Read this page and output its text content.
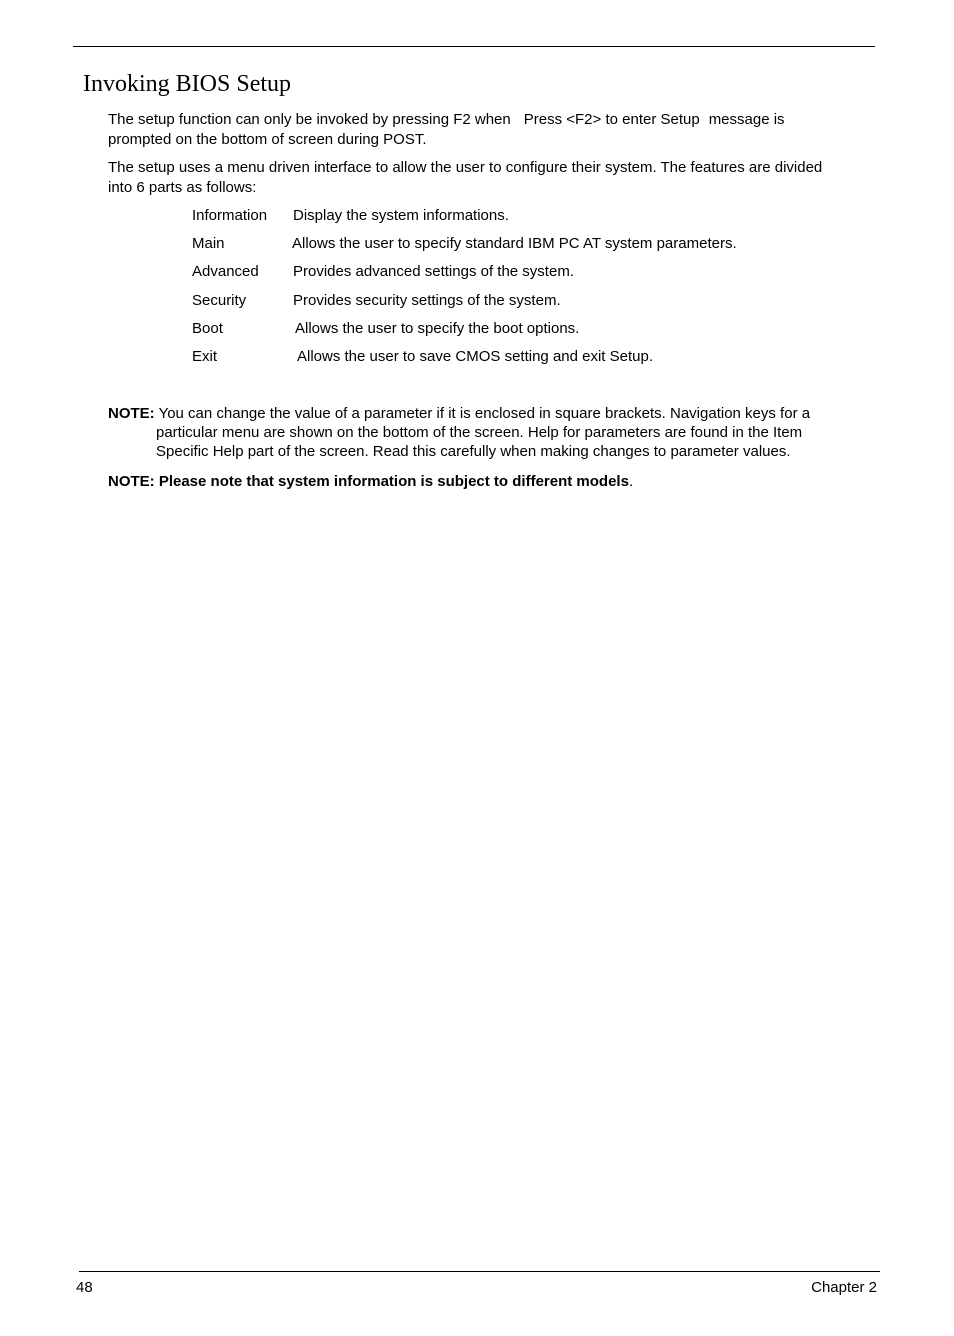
Invoking BIOS Setup
The setup function can only be invoked by pressing F2 when Press <F2> to enter Setup message is
prompted on the bottom of screen during POST.
The setup uses a menu driven interface to allow the user to configure their system. The features are divided
into 6 parts as follows:
Information Display the system informations.
Main	Allows the user to specify standard IBM PC AT system parameters.
Advanced Provides advanced settings of the system.
Security	Provides security settings of the system.
Boot	Allows the user to specify the boot options.
Exit	Allows the user to save CMOS setting and exit Setup.
NOTE: You can change the value of a parameter if it is enclosed in square brackets. Navigation keys for a
particular menu are shown on the bottom of the screen. Help for parameters are found in the Item
Specific Help part of the screen. Read this carefully when making changes to parameter values.
NOTE: Please note that system information is subject to different models.
48	Chapter 2
